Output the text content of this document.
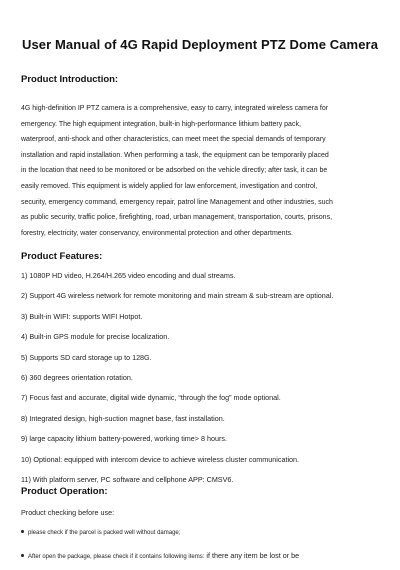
User Manual of 4G Rapid Deployment PTZ Dome Camera
Product Introduction:
4G high-definition IP PTZ camera is a comprehensive, easy to carry, integrated wireless camera for
emergency. The high equipment integration, built-in high-performance lithium battery pack,
waterproof, anti-shock and other characteristics, can meet meet the special demands of temporary
installation and rapid installation. When performing a task, the equipment can be temporarily placed
in the location that need to be monitored or be adsorbed on the vehicle directly; after task, it can be
easily removed. This equipment is widely applied for law enforcement, investigation and control,
security, emergency command, emergency repair, patrol line Management and other industries, such
as public security, traffic police, firefighting, road, urban management, transportation, courts, prisons,
forestry, electricity, water conservancy, environmental protection and other departments.
Product Features:
1) 1080P HD video, H.264/H.265 video encoding and dual streams.
2) Support 4G wireless network for remote monitoring and main stream & sub-stream are optional.
3) Built-in WIFI: supports WIFI Hotpot.
4) Built-in GPS module for precise localization.
5) Supports SD card storage up to 128G.
6) 360 degrees orientation rotation.
7) Focus fast and accurate, digital wide dynamic, “through the fog” mode optional.
8) Integrated design, high-suction magnet base, fast installation.
9) large capacity lithium battery-powered, working time> 8 hours.
10) Optional: equipped with intercom device to achieve wireless cluster communication.
11) With platform server, PC software and cellphone APP: CMSV6.
Product Operation:
Product checking before use:
please check if the parcel is packed well without damage;
After open the package, please check if it contains following items: if there any item be lost or be
